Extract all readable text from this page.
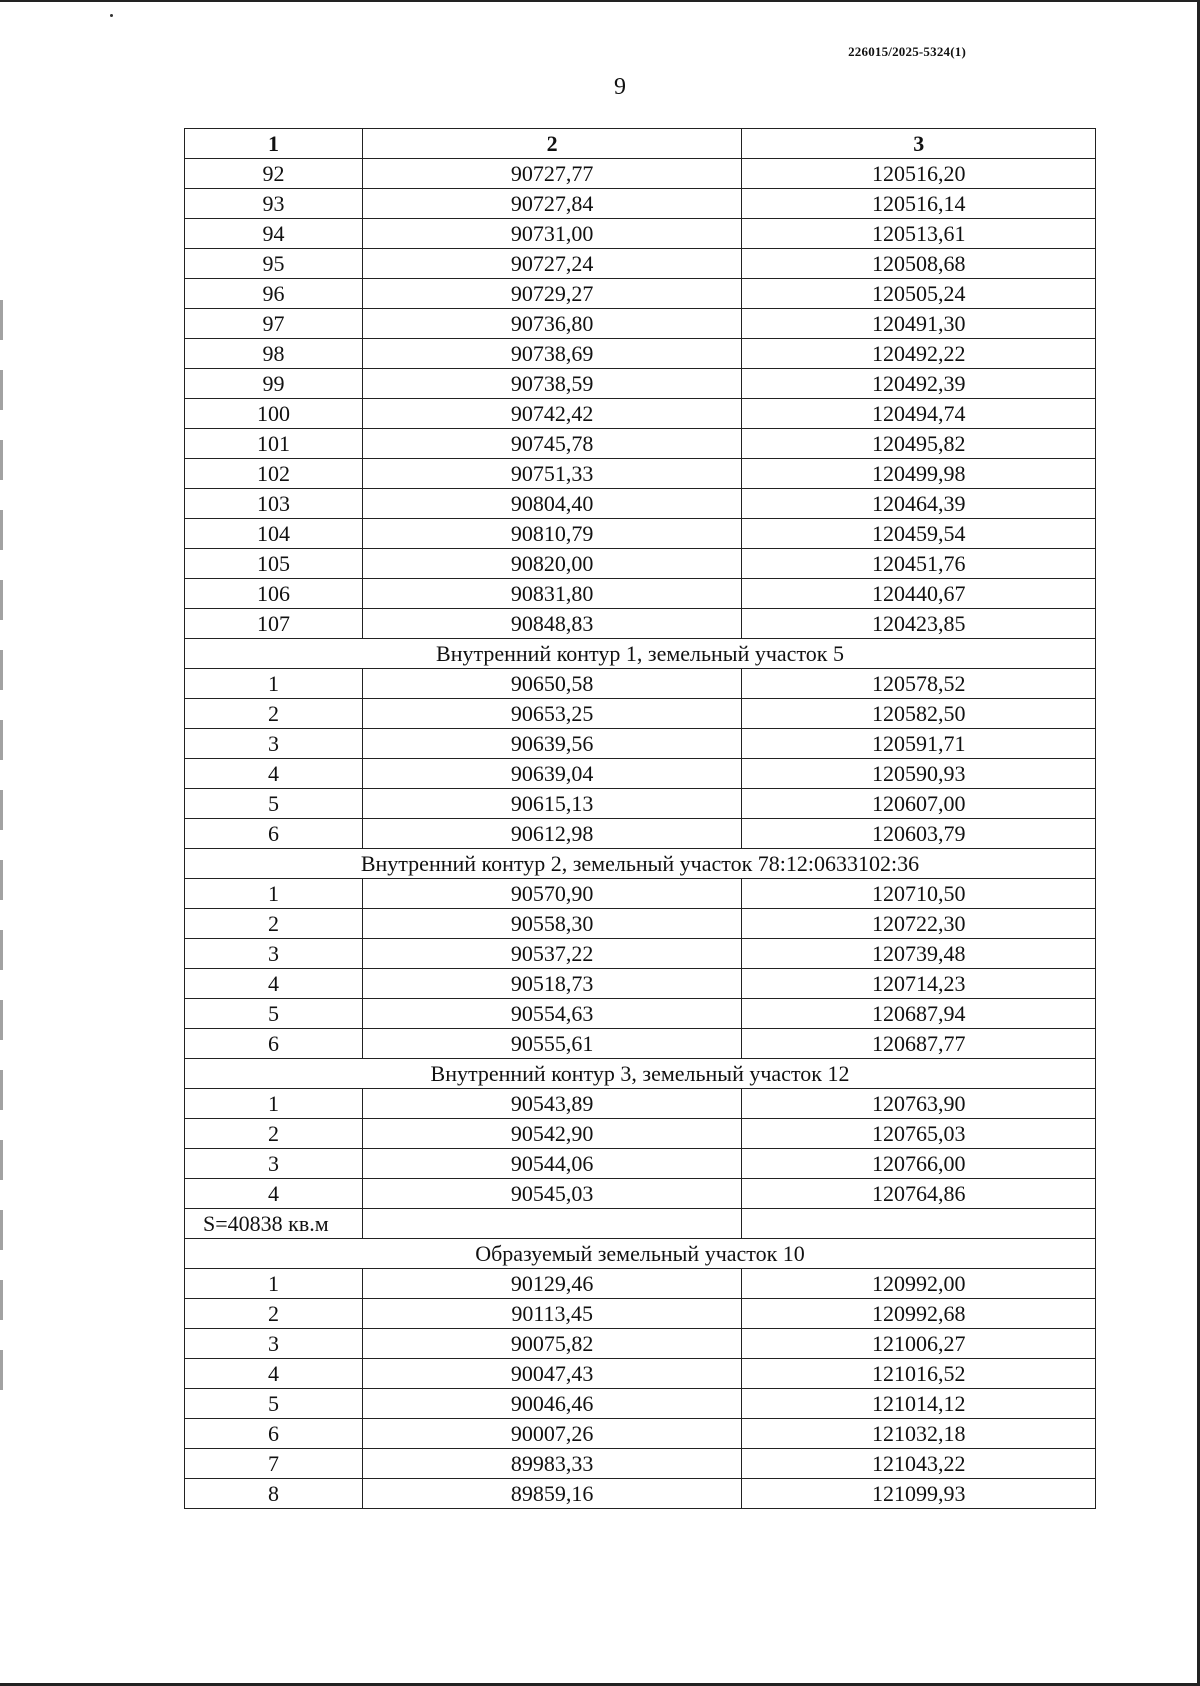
226015/2025-5324(1)
9
1	2	3
92	90727,77	120516,20
93	90727,84	120516,14
94	90731,00	120513,61
95	90727,24	120508,68
96	90729,27	120505,24
97	90736,80	120491,30
98	90738,69	120492,22
99	90738,59	120492,39
100	90742,42	120494,74
101	90745,78	120495,82
102	90751,33	120499,98
103	90804,40	120464,39
104	90810,79	120459,54
105	90820,00	120451,76
106	90831,80	120440,67
107	90848,83	120423,85
Внутренний контур 1, земельный участок 5		
1	90650,58	120578,52
2	90653,25	120582,50
3	90639,56	120591,71
4	90639,04	120590,93
5	90615,13	120607,00
6	90612,98	120603,79
Внутренний контур 2, земельный участок 78:12:0633102:36		
1	90570,90	120710,50
2	90558,30	120722,30
3	90537,22	120739,48
4	90518,73	120714,23
5	90554,63	120687,94
6	90555,61	120687,77
Внутренний контур 3, земельный участок 12		
1	90543,89	120763,90
2	90542,90	120765,03
3	90544,06	120766,00
4	90545,03	120764,86
S=40838 кв.м		
Образуемый земельный участок 10		
1	90129,46	120992,00
2	90113,45	120992,68
3	90075,82	121006,27
4	90047,43	121016,52
5	90046,46	121014,12
6	90007,26	121032,18
7	89983,33	121043,22
8	89859,16	121099,93
